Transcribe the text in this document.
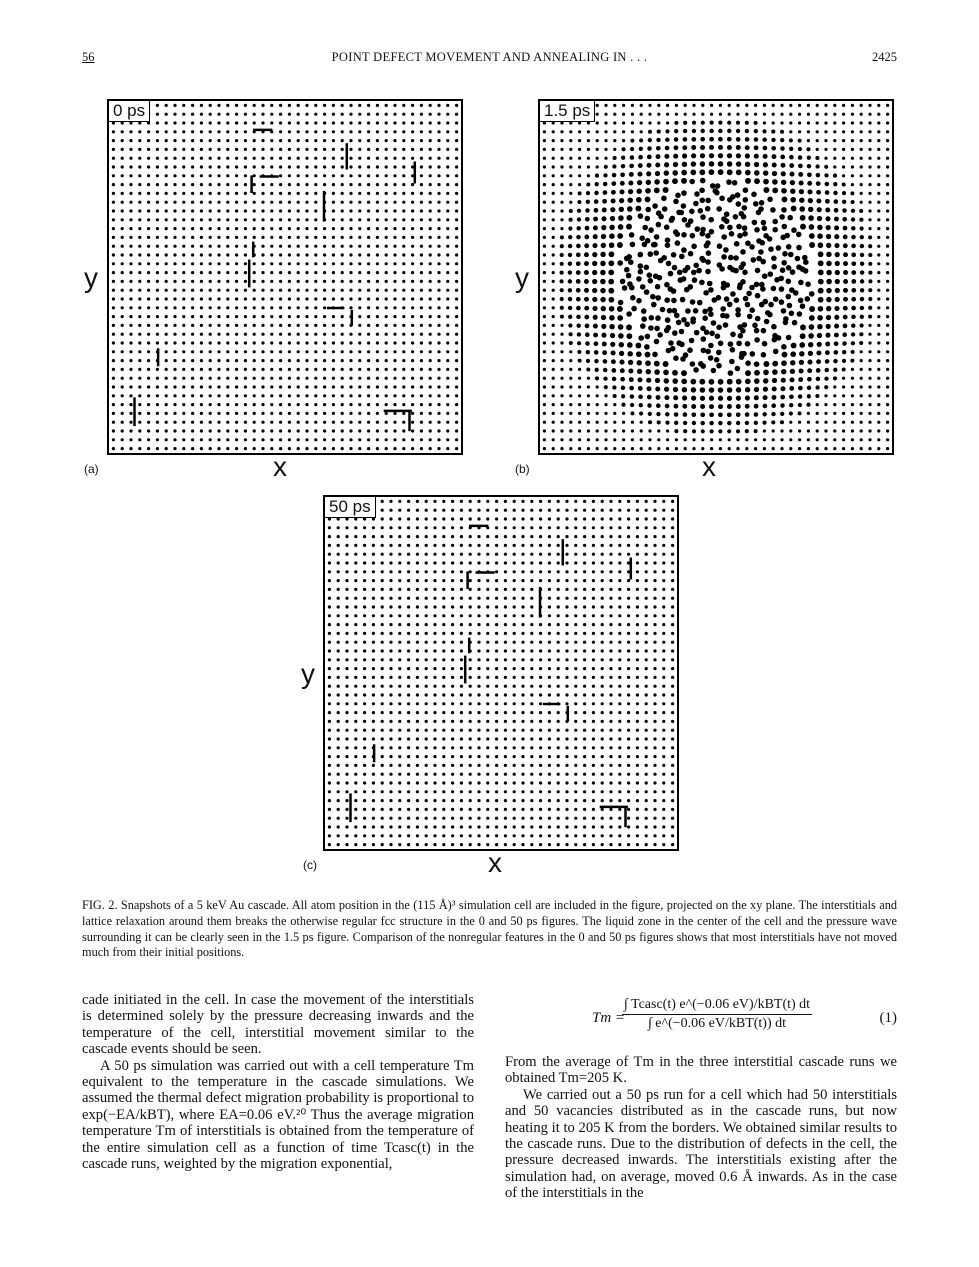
56	POINT DEFECT MOVEMENT AND ANNEALING IN . . .	2425
0 ps
y
x
(a)
1.5 ps
y
x
(b)
50 ps
y
x
(c)
FIG. 2. Snapshots of a 5 keV Au cascade. All atom position in the (115 Å)³ simulation cell are included in the figure, projected on the xy plane. The interstitials and lattice relaxation around them breaks the otherwise regular fcc structure in the 0 and 50 ps figures. The liquid zone in the center of the cell and the pressure wave surrounding it can be clearly seen in the 1.5 ps figure. Comparison of the nonregular features in the 0 and 50 ps figures shows that most interstitials have not moved much from their initial positions.

cade initiated in the cell. In case the movement of the interstitials is determined solely by the pressure decreasing inwards and the temperature of the cell, interstitial movement similar to the cascade events should be seen.

A 50 ps simulation was carried out with a cell temperature Tm equivalent to the temperature in the cascade simulations. We assumed the thermal defect migration probability is proportional to exp(−EA/kBT), where EA=0.06 eV.²⁰ Thus the average migration temperature Tm of interstitials is obtained from the temperature of the entire simulation cell as a function of time Tcasc(t) in the cascade runs, weighted by the migration exponential,

Tm =
∫ Tcasc(t) e^(−0.06 eV)/kBT(t) dt
∫ e^(−0.06 eV/kBT(t)) dt	(1)

From the average of Tm in the three interstitial cascade runs we obtained Tm=205 K.

We carried out a 50 ps run for a cell which had 50 interstitials and 50 vacancies distributed as in the cascade runs, but now heating it to 205 K from the borders. We obtained similar results to the cascade runs. Due to the distribution of defects in the cell, the pressure decreased inwards. The interstitials existing after the simulation had, on average, moved 0.6 Å inwards. As in the case of the interstitials in the
